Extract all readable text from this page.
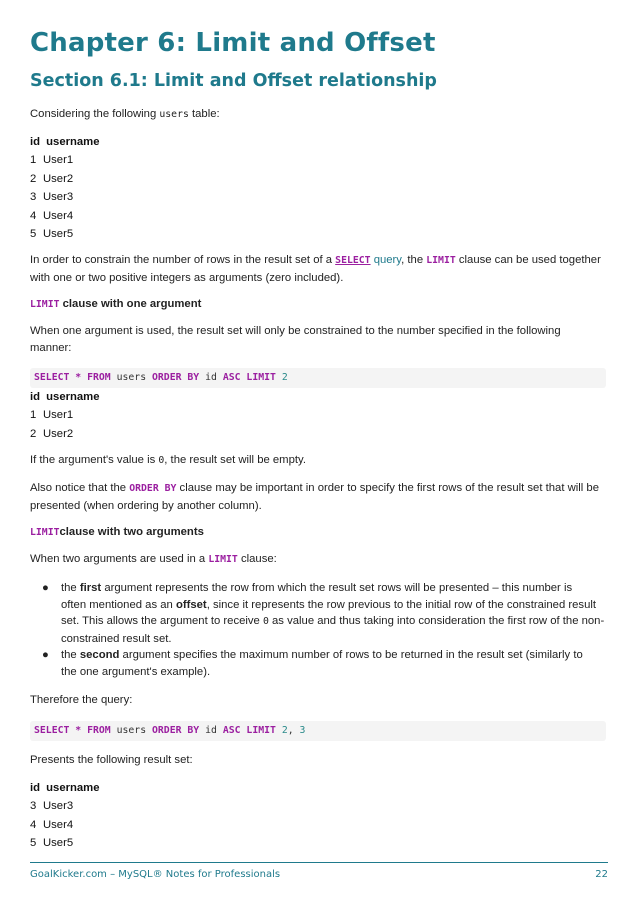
Chapter 6: Limit and Offset
Section 6.1: Limit and Offset relationship
Considering the following users table:
id username
1 User1
2 User2
3 User3
4 User4
5 User5
In order to constrain the number of rows in the result set of a SELECT query, the LIMIT clause can be used together
with one or two positive integers as arguments (zero included).
LIMIT clause with one argument
When one argument is used, the result set will only be constrained to the number specified in the following
manner:
SELECT * FROM users ORDER BY id ASC LIMIT 2
id username
1 User1
2 User2
If the argument's value is 0, the result set will be empty.
Also notice that the ORDER BY clause may be important in order to specify the first rows of the result set that will be
presented (when ordering by another column).
LIMITclause with two arguments
When two arguments are used in a LIMIT clause:
● the first argument represents the row from which the result set rows will be presented – this number is
often mentioned as an offset, since it represents the row previous to the initial row of the constrained result
set. This allows the argument to receive 0 as value and thus taking into consideration the first row of the non-
constrained result set.
● the second argument specifies the maximum number of rows to be returned in the result set (similarly to
the one argument's example).
Therefore the query:
SELECT * FROM users ORDER BY id ASC LIMIT 2, 3
Presents the following result set:
id username
3 User3
4 User4
5 User5
GoalKicker.com – MySQL® Notes for Professionals	22
